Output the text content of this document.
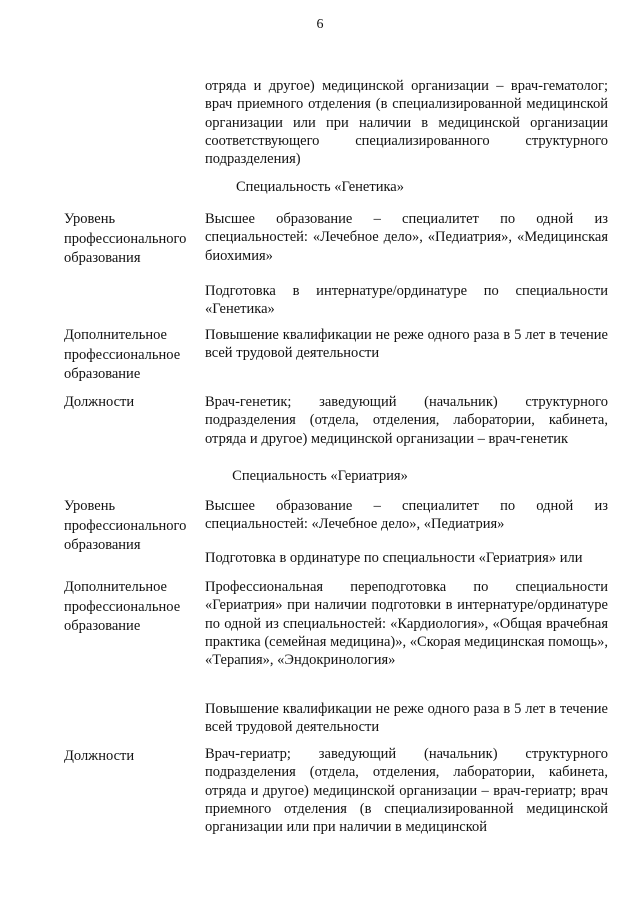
6
отряда и другое) медицинской организации – врач-гематолог; врач приемного отделения (в специализированной медицинской организации или при наличии в медицинской организации соответствующего специализированного структурного подразделения)
Специальность «Генетика»
Уровень профессионального образования
Высшее образование – специалитет по одной из специальностей: «Лечебное дело», «Педиатрия», «Медицинская биохимия»
Подготовка в интернатуре/ординатуре по специальности «Генетика»
Дополнительное профессиональное образование
Повышение квалификации не реже одного раза в 5 лет в течение всей трудовой деятельности
Должности	Врач-генетик; заведующий (начальник) структурного подразделения (отдела, отделения, лаборатории, кабинета, отряда и другое) медицинской организации – врач-генетик
Специальность «Гериатрия»
Уровень профессионального образования
Высшее образование – специалитет по одной из специальностей: «Лечебное дело», «Педиатрия»
Подготовка в ординатуре по специальности «Гериатрия» или
Дополнительное профессиональное образование
Профессиональная переподготовка по специальности «Гериатрия» при наличии подготовки в интернатуре/ординатуре по одной из специальностей: «Кардиология», «Общая врачебная практика (семейная медицина)», «Скорая медицинская помощь», «Терапия», «Эндокринология»
Повышение квалификации не реже одного раза в 5 лет в течение всей трудовой деятельности
Должности	Врач-гериатр; заведующий (начальник) структурного подразделения (отдела, отделения, лаборатории, кабинета, отряда и другое) медицинской организации – врач-гериатр; врач приемного отделения (в специализированной медицинской организации или при наличии в медицинской
